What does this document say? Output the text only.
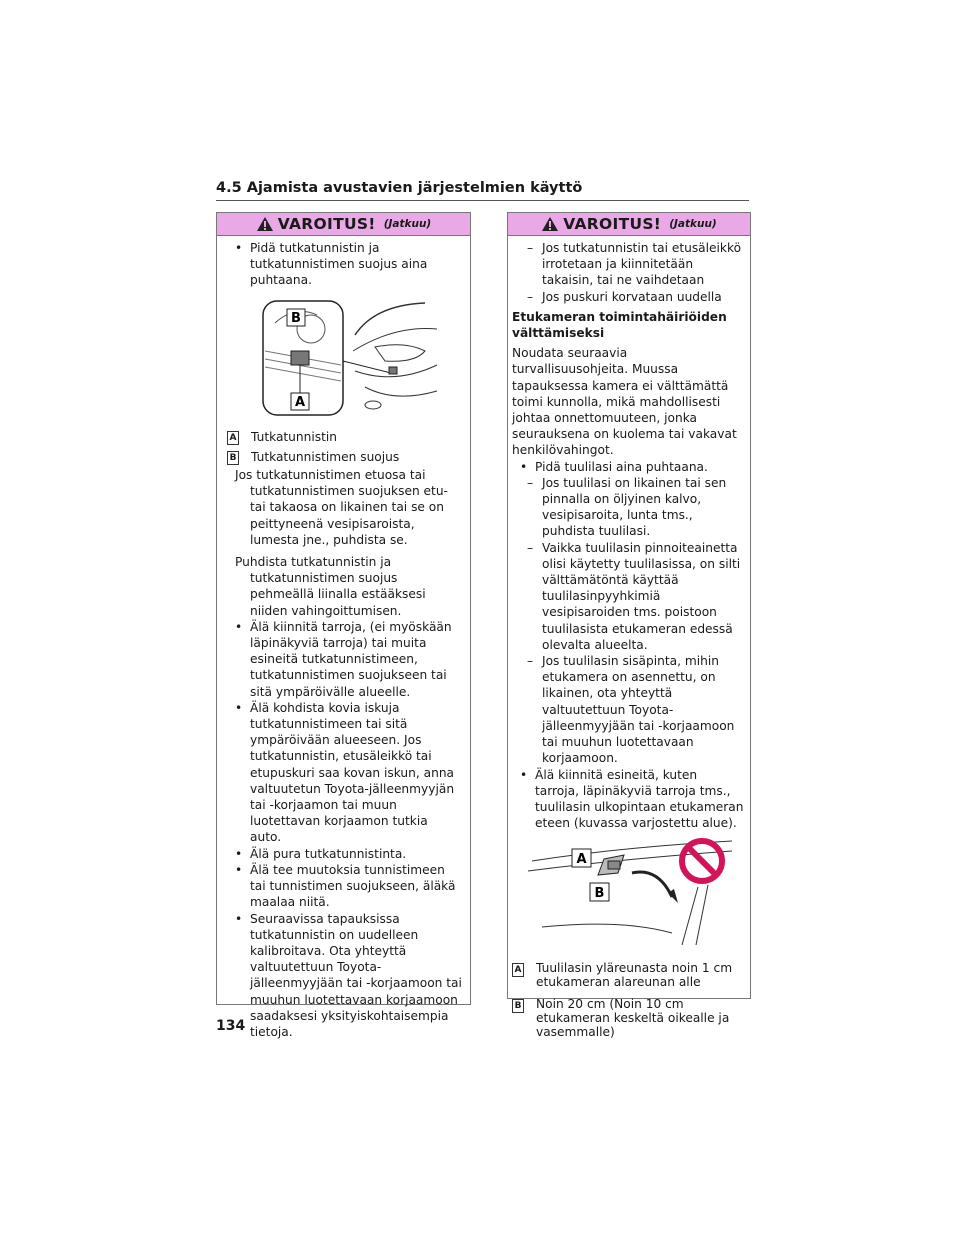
4.5 Ajamista avustavien järjestelmien käyttö
VAROITUS! (Jatkuu)
• Pidä tutkatunnistin ja tutkatunnistimen suojus aina puhtaana.
B
A
A Tutkatunnistin
B Tutkatunnistimen suojus
Jos tutkatunnistimen etuosa tai tutkatunnistimen suojuksen etu- tai takaosa on likainen tai se on peittyneenä vesipisaroista, lumesta jne., puhdista se.
Puhdista tutkatunnistin ja tutkatunnistimen suojus pehmeällä liinalla estääksesi niiden vahingoittumisen.
• Älä kiinnitä tarroja, (ei myöskään läpinäkyviä tarroja) tai muita esineitä tutkatunnistimeen, tutkatunnistimen suojukseen tai sitä ympäröivälle alueelle.
• Älä kohdista kovia iskuja tutkatunnistimeen tai sitä ympäröivään alueeseen. Jos tutkatunnistin, etusäleikkö tai etupuskuri saa kovan iskun, anna valtuutetun Toyota-jälleenmyyjän tai -korjaamon tai muun luotettavan korjaamon tutkia auto.
• Älä pura tutkatunnistinta.
• Älä tee muutoksia tunnistimeen tai tunnistimen suojukseen, äläkä maalaa niitä.
• Seuraavissa tapauksissa tutkatunnistin on uudelleen kalibroitava. Ota yhteyttä valtuutettuun Toyota-jälleenmyyjään tai -korjaamoon tai muuhun luotettavaan korjaamoon saadaksesi yksityiskohtaisempia tietoja.
VAROITUS! (Jatkuu)
– Jos tutkatunnistin tai etusäleikkö irrotetaan ja kiinnitetään takaisin, tai ne vaihdetaan
– Jos puskuri korvataan uudella
Etukameran toimintahäiriöiden välttämiseksi
Noudata seuraavia turvallisuusohjeita. Muussa tapauksessa kamera ei välttämättä toimi kunnolla, mikä mahdollisesti johtaa onnettomuuteen, jonka seurauksena on kuolema tai vakavat henkilövahingot.
• Pidä tuulilasi aina puhtaana.
– Jos tuulilasi on likainen tai sen pinnalla on öljyinen kalvo, vesipisaroita, lunta tms., puhdista tuulilasi.
– Vaikka tuulilasin pinnoiteainetta olisi käytetty tuulilasissa, on silti välttämätöntä käyttää tuulilasinpyyhkimiä vesipisaroiden tms. poistoon tuulilasista etukameran edessä olevalta alueelta.
– Jos tuulilasin sisäpinta, mihin etukamera on asennettu, on likainen, ota yhteyttä valtuutettuun Toyota-jälleenmyyjään tai -korjaamoon tai muuhun luotettavaan korjaamoon.
• Älä kiinnitä esineitä, kuten tarroja, läpinäkyviä tarroja tms., tuulilasin ulkopintaan etukameran eteen (kuvassa varjostettu alue).
A
B
A Tuulilasin yläreunasta noin 1 cm etukameran alareunan alle
B Noin 20 cm (Noin 10 cm etukameran keskeltä oikealle ja vasemmalle)
134
